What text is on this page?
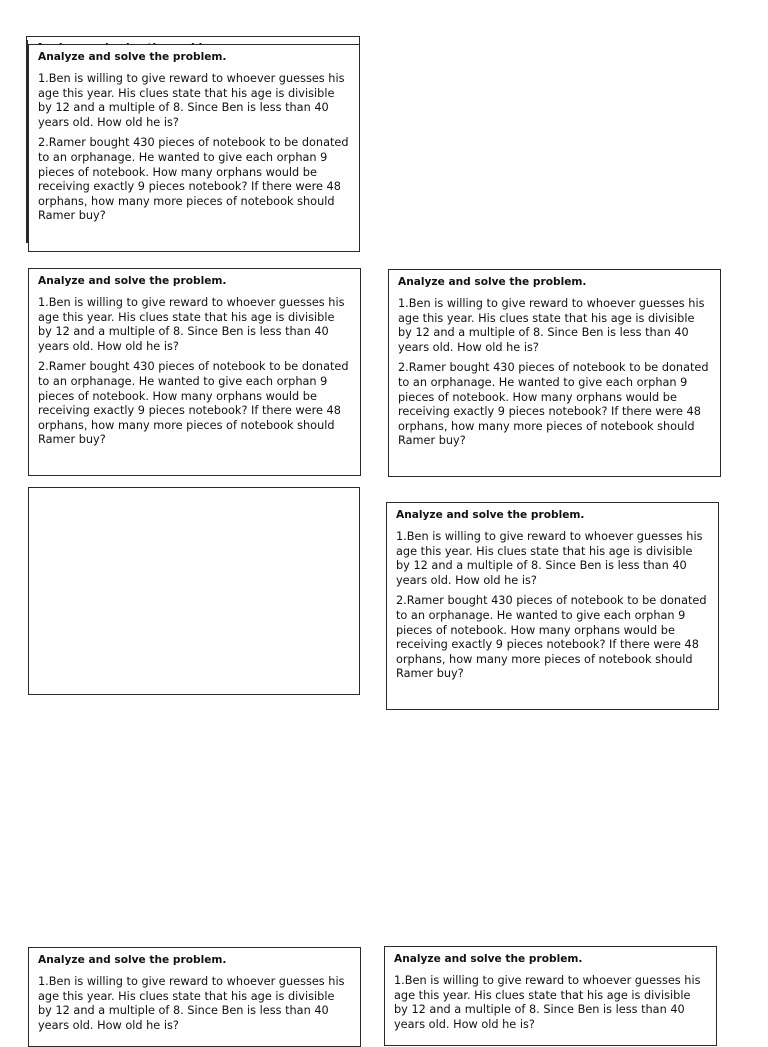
Analyze and solve the problem.

1.Ben is willing to give reward to whoever guesses his age this year. His clues state that his age is divisible by 12 and a multiple of 8. Since Ben is less than 40 years old. How old he is?

2.Ramer bought 430 pieces of notebook to be donated to an orphanage. He wanted to give each orphan 9 pieces of notebook. How many orphans would be receiving exactly 9 pieces notebook? If there were 48 orphans, how many more pieces of notebook should Ramer buy?

Analyze and solve the problem.

1.Ben is willing to give reward to whoever guesses his age this year. His clues state that his age is divisible by 12 and a multiple of 8. Since Ben is less than 40 years old. How old he is?

2.Ramer bought 430 pieces of notebook to be donated to an orphanage. He wanted to give each orphan 9 pieces of notebook. How many orphans would be receiving exactly 9 pieces notebook? If there were 48 orphans, how many more pieces of notebook should Ramer buy?

Analyze and solve the problem.

1.Ben is willing to give reward to whoever guesses his age this year. His clues state that his age is divisible by 12 and a multiple of 8. Since Ben is less than 40 years old. How old he is?

2.Ramer bought 430 pieces of notebook to be donated to an orphanage. He wanted to give each orphan 9 pieces of notebook. How many orphans would be receiving exactly 9 pieces notebook? If there were 48 orphans, how many more pieces of notebook should Ramer buy?

Analyze and solve the problem.

1.Ben is willing to give reward to whoever guesses his age this year. His clues state that his age is divisible by 12 and a multiple of 8. Since Ben is less than 40 years old. How old he is?

2.Ramer bought 430 pieces of notebook to be donated to an orphanage. He wanted to give each orphan 9 pieces of notebook. How many orphans would be receiving exactly 9 pieces notebook? If there were 48 orphans, how many more pieces of notebook should Ramer buy?

Analyze and solve the problem.

1.Ben is willing to give reward to whoever guesses his age this year. His clues state that his age is divisible by 12 and a multiple of 8. Since Ben is less than 40 years old. How old he is?

Analyze and solve the problem.

1.Ben is willing to give reward to whoever guesses his age this year. His clues state that his age is divisible by 12 and a multiple of 8. Since Ben is less than 40 years old. How old he is?
